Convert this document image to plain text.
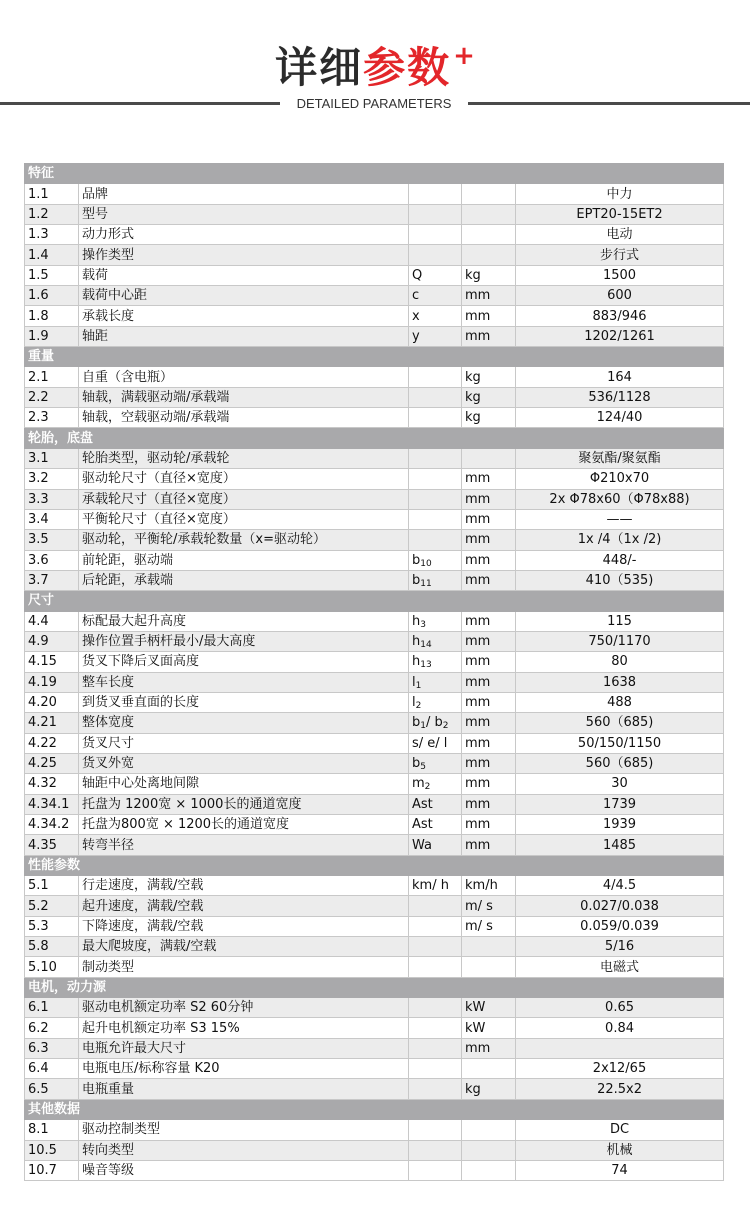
详细参数+
DETAILED PARAMETERS
特征				
1.1	品牌			中力
1.2	型号			EPT20-15ET2
1.3	动力形式			电动
1.4	操作类型			步行式
1.5	载荷	Q	kg	1500
1.6	载荷中心距	c	mm	600
1.8	承载长度	x	mm	883/946
1.9	轴距	y	mm	1202/1261
重量				
2.1	自重（含电瓶）		kg	164
2.2	轴载，满载驱动端/承载端		kg	536/1128
2.3	轴载，空载驱动端/承载端		kg	124/40
轮胎，底盘				
3.1	轮胎类型，驱动轮/承载轮			聚氨酯/聚氨酯
3.2	驱动轮尺寸（直径×宽度）		mm	Φ210x70
3.3	承载轮尺寸（直径×宽度）		mm	2x Φ78x60（Φ78x88)
3.4	平衡轮尺寸（直径×宽度）		mm	——
3.5	驱动轮，平衡轮/承载轮数量（x=驱动轮）		mm	1x /4（1x /2)
3.6	前轮距，驱动端	$b_{10}$	mm	448/-
3.7	后轮距，承载端	$b_{11}$	mm	410（535)
尺寸				
4.4	标配最大起升高度	$h_3$	mm	115
4.9	操作位置手柄杆最小/最大高度	$h_{14}$	mm	750/1170
4.15	货叉下降后叉面高度	$h_{13}$	mm	80
4.19	整车长度	$l_1$	mm	1638
4.20	到货叉垂直面的长度	$l_2$	mm	488
4.21	整体宽度	$b_1/$ $b_2$	mm	560（685)
4.22	货叉尺寸	s/ e/ l	mm	50/150/1150
4.25	货叉外宽	$b_5$	mm	560（685)
4.32	轴距中心处离地间隙	$m_2$	mm	30
4.34.1	托盘为 1200宽 × 1000长的通道宽度	Ast	mm	1739
4.34.2	托盘为800宽 × 1200长的通道宽度	Ast	mm	1939
4.35	转弯半径	Wa	mm	1485
性能参数				
5.1	行走速度，满载/空载	km/ h	km/h	4/4.5
5.2	起升速度，满载/空载		m/ s	0.027/0.038
5.3	下降速度，满载/空载		m/ s	0.059/0.039
5.8	最大爬坡度，满载/空载			5/16
5.10	制动类型			电磁式
电机，动力源				
6.1	驱动电机额定功率 S2 60分钟		kW	0.65
6.2	起升电机额定功率 S3 15%		kW	0.84
6.3	电瓶允许最大尺寸		mm	
6.4	电瓶电压/标称容量 K20			2x12/65
6.5	电瓶重量		kg	22.5x2
其他数据				
8.1	驱动控制类型			DC
10.5	转向类型			机械
10.7	噪音等级			74
